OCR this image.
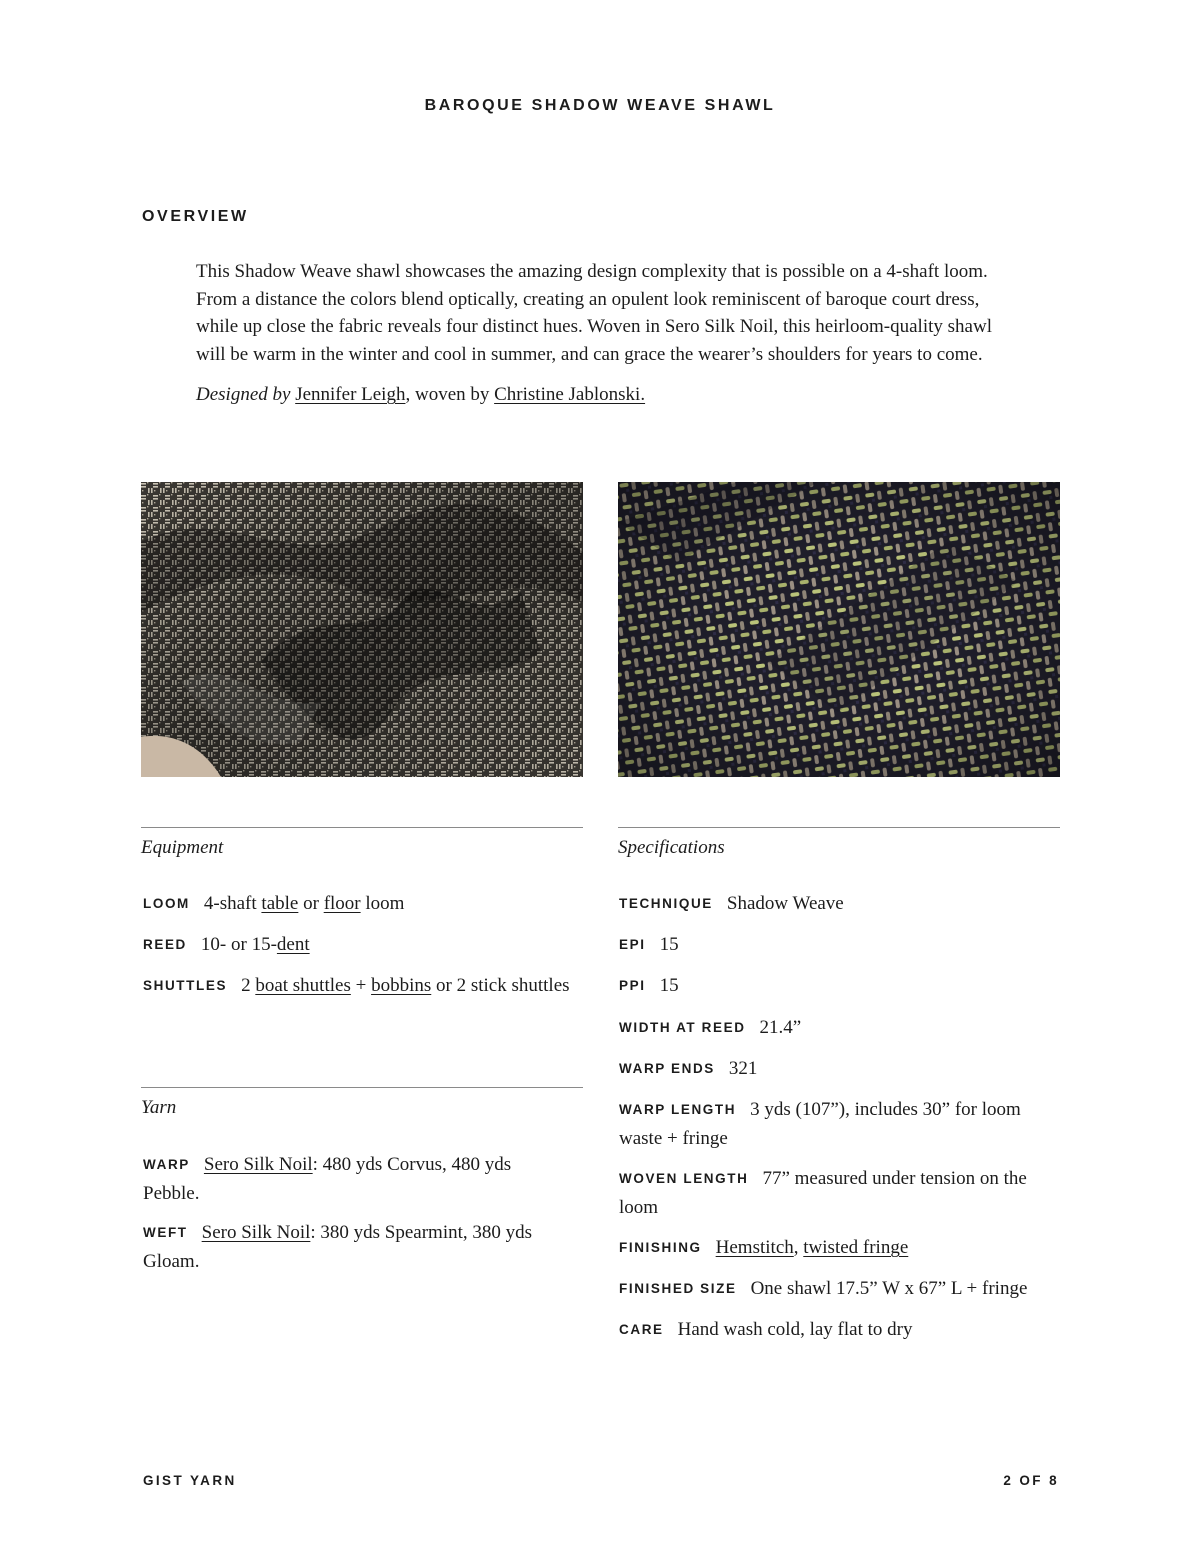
BAROQUE SHADOW WEAVE SHAWL
OVERVIEW

This Shadow Weave shawl showcases the amazing design complexity that is possible on a 4-shaft loom. From a distance the colors blend optically, creating an opulent look reminiscent of baroque court dress, while up close the fabric reveals four distinct hues. Woven in Sero Silk Noil, this heirloom-quality shawl will be warm in the winter and cool in summer, and can grace the wearer’s shoulders for years to come.

Designed by Jennifer Leigh, woven by Christine Jablonski.

Equipment
LOOM 4-shaft table or floor loom
REED 10- or 15-dent
SHUTTLES 2 boat shuttles + bobbins or 2 stick shuttles
Yarn
WARP Sero Silk Noil: 480 yds Corvus, 480 yds Pebble.
WEFT Sero Silk Noil: 380 yds Spearmint, 380 yds Gloam.
Specifications
TECHNIQUE Shadow Weave
EPI 15
PPI 15
WIDTH AT REED 21.4”
WARP ENDS 321
WARP LENGTH 3 yds (107”), includes 30” for loom waste + fringe
WOVEN LENGTH 77” measured under tension on the loom
FINISHING Hemstitch, twisted fringe
FINISHED SIZE One shawl 17.5” W x 67” L + fringe
CARE Hand wash cold, lay flat to dry
GIST YARN	2 OF 8
